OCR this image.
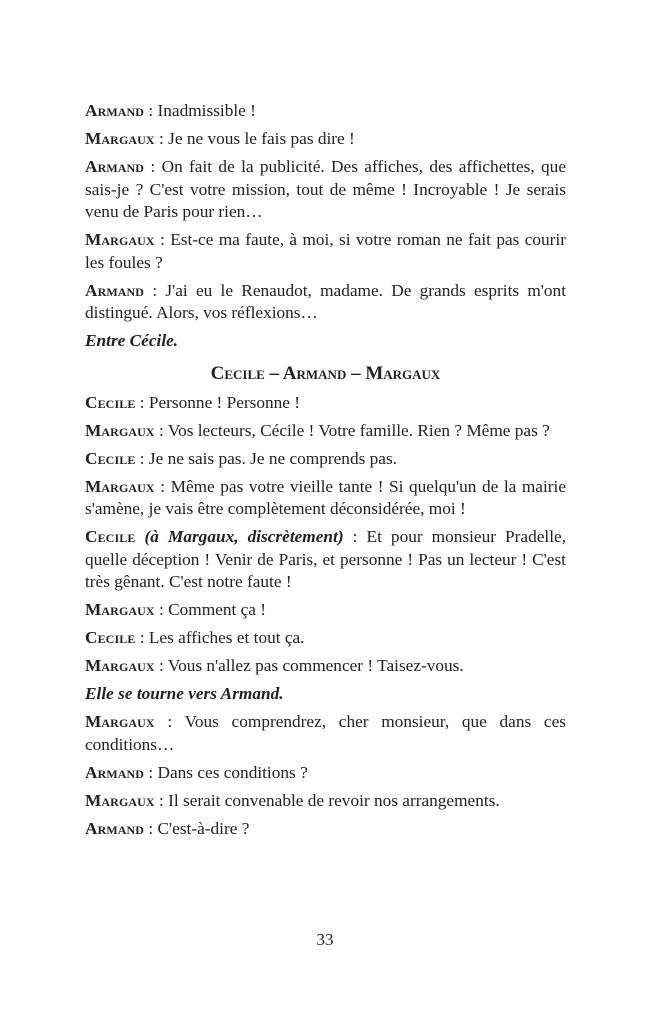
Armand : Inadmissible !

Margaux : Je ne vous le fais pas dire !

Armand : On fait de la publicité. Des affiches, des affichettes, que sais-je ? C'est votre mission, tout de même ! Incroyable ! Je serais venu de Paris pour rien…

Margaux : Est-ce ma faute, à moi, si votre roman ne fait pas courir les foules ?

Armand : J'ai eu le Renaudot, madame. De grands esprits m'ont distingué. Alors, vos réflexions…

Entre Cécile.

Cecile – Armand – Margaux

Cecile : Personne ! Personne !

Margaux : Vos lecteurs, Cécile ! Votre famille. Rien ? Même pas ?

Cecile : Je ne sais pas. Je ne comprends pas.

Margaux : Même pas votre vieille tante ! Si quelqu'un de la mairie s'amène, je vais être complètement déconsidérée, moi !

Cecile (à Margaux, discrètement) : Et pour monsieur Pradelle, quelle déception ! Venir de Paris, et personne ! Pas un lecteur ! C'est très gênant. C'est notre faute !

Margaux : Comment ça !

Cecile : Les affiches et tout ça.

Margaux : Vous n'allez pas commencer ! Taisez-vous.

Elle se tourne vers Armand.

Margaux : Vous comprendrez, cher monsieur, que dans ces conditions…

Armand : Dans ces conditions ?

Margaux : Il serait convenable de revoir nos arrangements.

Armand : C'est-à-dire ?

33
